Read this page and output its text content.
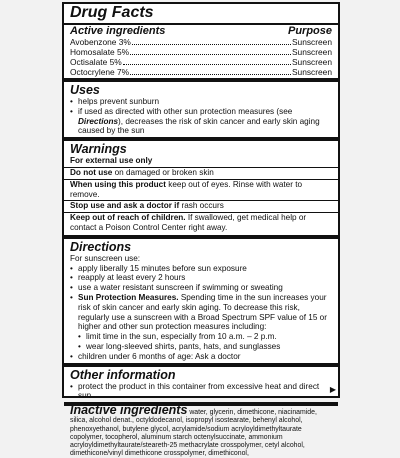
Drug Facts
Active ingredients	Purpose
Avobenzone 3%	Sunscreen
Homosalate 5%	Sunscreen
Octisalate 5%	Sunscreen
Octocrylene 7%	Sunscreen
Uses
• helps prevent sunburn
• if used as directed with other sun protection measures (see Directions), decreases the risk of skin cancer and early skin aging caused by the sun
Warnings
For external use only
Do not use on damaged or broken skin
When using this product keep out of eyes. Rinse with water to remove.
Stop use and ask a doctor if rash occurs
Keep out of reach of children. If swallowed, get medical help or contact a Poison Control Center right away.
Directions
For sunscreen use:
• apply liberally 15 minutes before sun exposure
• reapply at least every 2 hours
• use a water resistant sunscreen if swimming or sweating
• Sun Protection Measures. Spending time in the sun increases your risk of skin cancer and early skin aging. To decrease this risk, regularly use a sunscreen with a Broad Spectrum SPF value of 15 or higher and other sun protection measures including:
• limit time in the sun, especially from 10 a.m. – 2 p.m.
• wear long-sleeved shirts, pants, hats, and sunglasses
• children under 6 months of age: Ask a doctor
Other information
• protect the product in this container from excessive heat and direct sun
Inactive ingredients water, glycerin, dimethicone, niacinamide, silica, alcohol denat., octyldodecanol, isopropyl isostearate, behenyl alcohol, phenoxyethanol, butylene glycol, acrylamide/sodium acryloyldimethyltaurate copolymer, tocopherol, aluminum starch octenylsuccinate, ammonium acryloyldimethyltaurate/steareth-25 methacrylate crosspolymer, cetyl alcohol, dimethicone/vinyl dimethicone crosspolymer, dimethiconol,
▶
